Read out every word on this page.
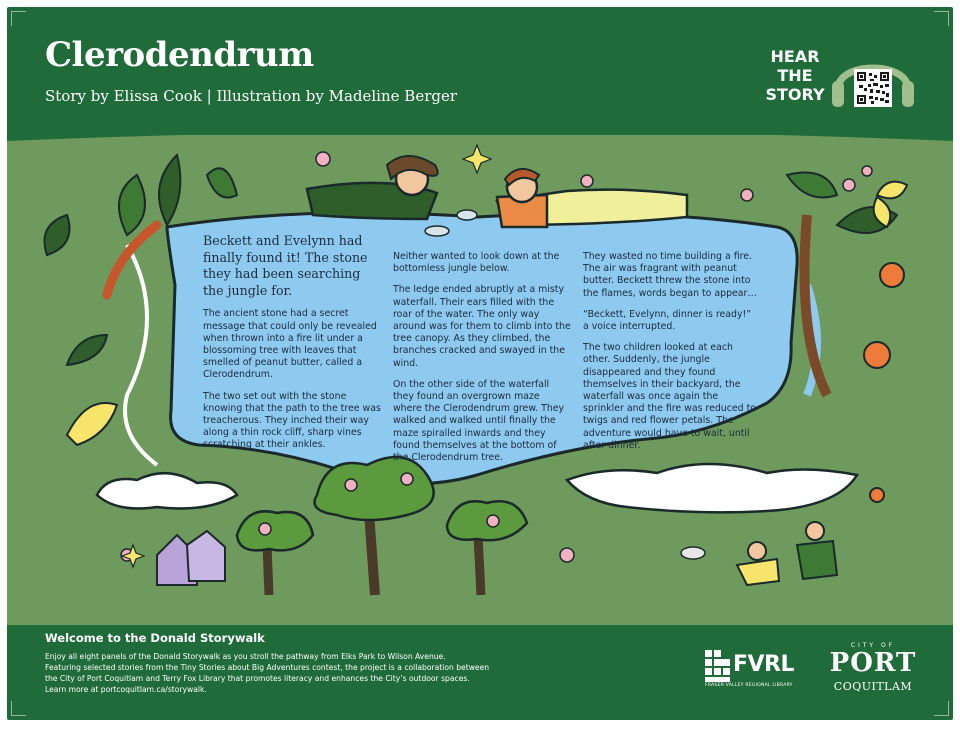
Clerodendrum
Story by Elissa Cook | Illustration by Madeline Berger
HEAR
THE
STORY

Beckett and Evelynn had finally found it! The stone they had been searching the jungle for.

The ancient stone had a secret message that could only be revealed when thrown into a fire lit under a blossoming tree with leaves that smelled of peanut butter, called a Clerodendrum.

The two set out with the stone knowing that the path to the tree was treacherous. They inched their way along a thin rock cliff, sharp vines scratching at their ankles.

Neither wanted to look down at the bottomless jungle below.

The ledge ended abruptly at a misty waterfall. Their ears filled with the roar of the water. The only way around was for them to climb into the tree canopy. As they climbed, the branches cracked and swayed in the wind.

On the other side of the waterfall they found an overgrown maze where the Clerodendrum grew. They walked and walked until finally the maze spiralled inwards and they found themselves at the bottom of the Clerodendrum tree.

They wasted no time building a fire. The air was fragrant with peanut butter. Beckett threw the stone into the flames, words began to appear…

“Beckett, Evelynn, dinner is ready!” a voice interrupted.

The two children looked at each other. Suddenly, the jungle disappeared and they found themselves in their backyard, the waterfall was once again the sprinkler and the fire was reduced to twigs and red flower petals. The adventure would have to wait, until after dinner.

Welcome to the Donald Storywalk

Enjoy all eight panels of the Donald Storywalk as you stroll the pathway from Elks Park to Wilson Avenue.

Featuring selected stories from the Tiny Stories about Big Adventures contest, the project is a collaboration between

the City of Port Coquitlam and Terry Fox Library that promotes literacy and enhances the City’s outdoor spaces.

Learn more at portcoquitlam.ca/storywalk.

FVRL
FRASER VALLEY REGIONAL LIBRARY
CITY OF
PORT
COQUITLAM
